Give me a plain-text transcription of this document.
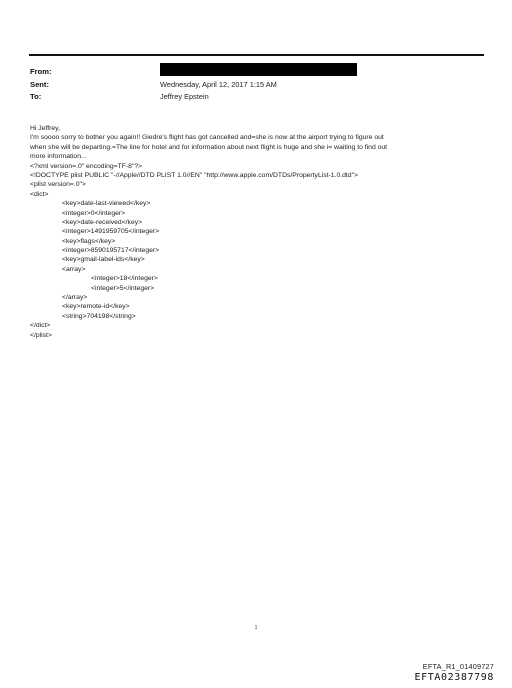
From:
Sent:	Wednesday, April 12, 2017 1:15 AM
To:	Jeffrey Epstein
Hi Jeffrey,
I'm soooo sorry to bother you again!! Giedre's flight has got cancelled and=she is now at the airport trying to figure out
when she will be departing.=The line for hotel and for information about next flight is huge and she i= waiting to find out
more information...
<?xml version=.0" encoding=TF-8"?>
<!DOCTYPE plist PUBLIC "-//Apple//DTD PLIST 1.0//EN" "http://www.apple.com/DTDs/PropertyList-1.0.dtd">
<plist version=.0">
<dict>
<key>date-last-viewed</key>
<integer>0</integer>
<key>date-received</key>
<integer>1491959705</integer>
<key>flags</key>
<integer>8590195717</integer>
<key>gmail-label-ids</key>
<array>
<integer>18</integer>
<integer>5</integer>
</array>
<key>remote-id</key>
<string>704198</string>
</dict>
</plist>
1
EFTA_R1_01409727
EFTA02387798
